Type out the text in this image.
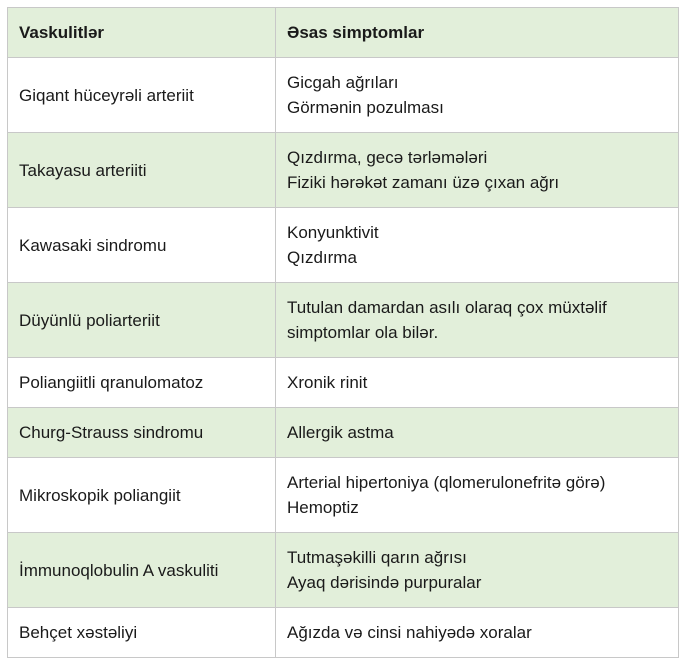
Vaskulitlər	Əsas simptomlar
Giqant hüceyrəli arteriit	Gicgah ağrıları
Görmənin pozulması

Takayasu arteriiti	Qızdırma, gecə tərləmələri
Fiziki hərəkət zamanı üzə çıxan ağrı

Kawasaki sindromu	Konyunktivit
Qızdırma

Düyünlü poliarteriit	Tutulan damardan asılı olaraq çox müxtəlif
simptomlar ola bilər.

Poliangiitli qranulomatoz	Xronik rinit

Churg-Strauss sindromu	Allergik astma

Mikroskopik poliangiit	Arterial hipertoniya (qlomerulonefritə görə)
Hemoptiz

İmmunoqlobulin A vaskuliti	Tutmaşəkilli qarın ağrısı
Ayaq dərisində purpuralar

Behçet xəstəliyi	Ağızda və cinsi nahiyədə xoralar
